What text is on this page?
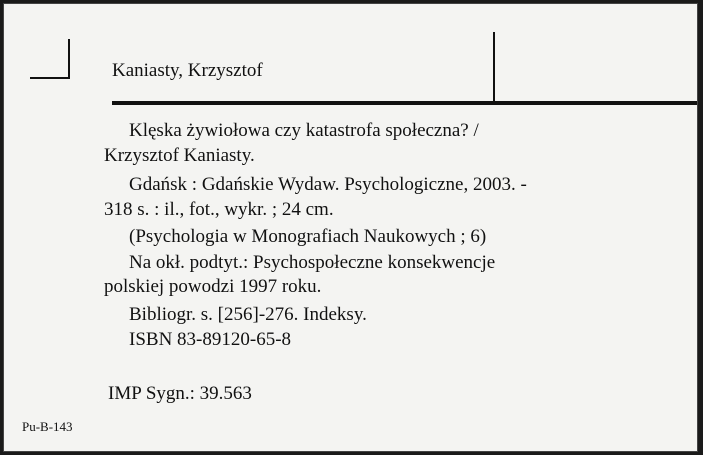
Kaniasty, Krzysztof
Klęska żywiołowa czy katastrofa społeczna? /
Krzysztof Kaniasty.
Gdańsk : Gdańskie Wydaw. Psychologiczne, 2003. -
318 s. : il., fot., wykr. ; 24 cm.
(Psychologia w Monografiach Naukowych ; 6)
Na okł. podtyt.: Psychospołeczne konsekwencje
polskiej powodzi 1997 roku.
Bibliogr. s. [256]-276. Indeksy.
ISBN 83-89120-65-8
IMP Sygn.: 39.563
Pu-B-143
